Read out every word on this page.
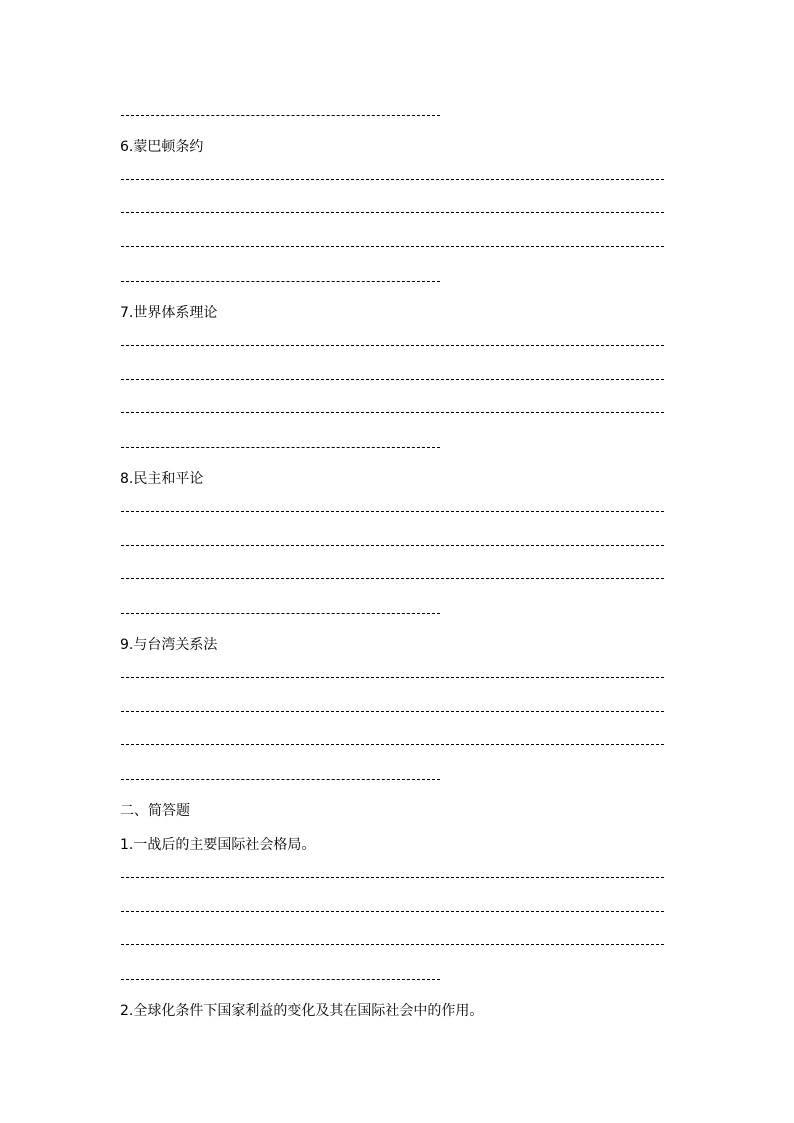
6.蒙巴顿条约
7.世界体系理论
8.民主和平论
9.与台湾关系法
二、简答题
1.一战后的主要国际社会格局。
2.全球化条件下国家利益的变化及其在国际社会中的作用。
